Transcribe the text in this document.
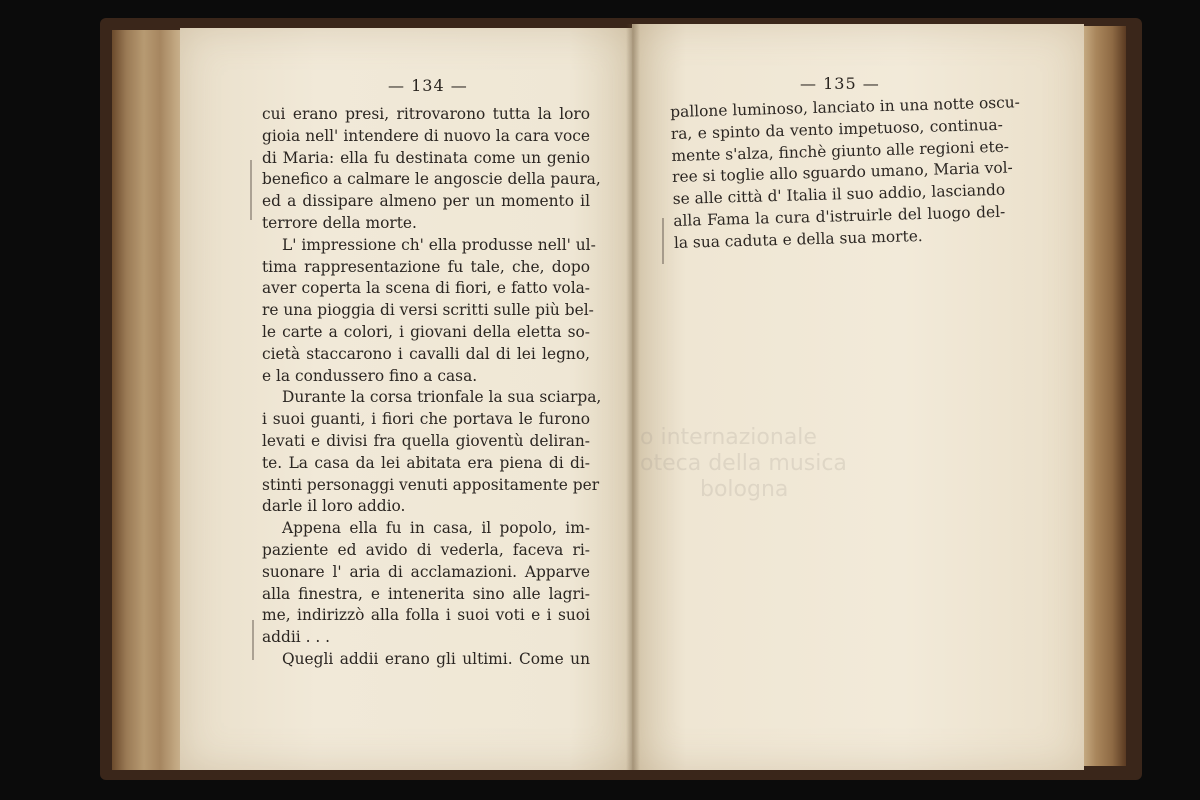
— 134 —	— 135 —
o internazionale
oteca della musica
bologna
cui erano presi, ritrovarono tutta la loro
gioia nell' intendere di nuovo la cara voce
di Maria: ella fu destinata come un genio
benefico a calmare le angoscie della paura,
ed a dissipare almeno per un momento il
terrore della morte.
L' impressione ch' ella produsse nell' ul-
tima rappresentazione fu tale, che, dopo
aver coperta la scena di fiori, e fatto vola-
re una pioggia di versi scritti sulle più bel-
le carte a colori, i giovani della eletta so-
cietà staccarono i cavalli dal di lei legno,
e la condussero fino a casa.
Durante la corsa trionfale la sua sciarpa,
i suoi guanti, i fiori che portava le furono
levati e divisi fra quella gioventù deliran-
te. La casa da lei abitata era piena di di-
stinti personaggi venuti appositamente per
darle il loro addio.
Appena ella fu in casa, il popolo, im-
paziente ed avido di vederla, faceva ri-
suonare l' aria di acclamazioni. Apparve
alla finestra, e intenerita sino alle lagri-
me, indirizzò alla folla i suoi voti e i suoi
addii . . .
Quegli addii erano gli ultimi. Come un
pallone luminoso, lanciato in una notte oscu-
ra, e spinto da vento impetuoso, continua-
mente s'alza, finchè giunto alle regioni ete-
ree si toglie allo sguardo umano, Maria vol-
se alle città d' Italia il suo addio, lasciando
alla Fama la cura d'istruirle del luogo del-
la sua caduta e della sua morte.
